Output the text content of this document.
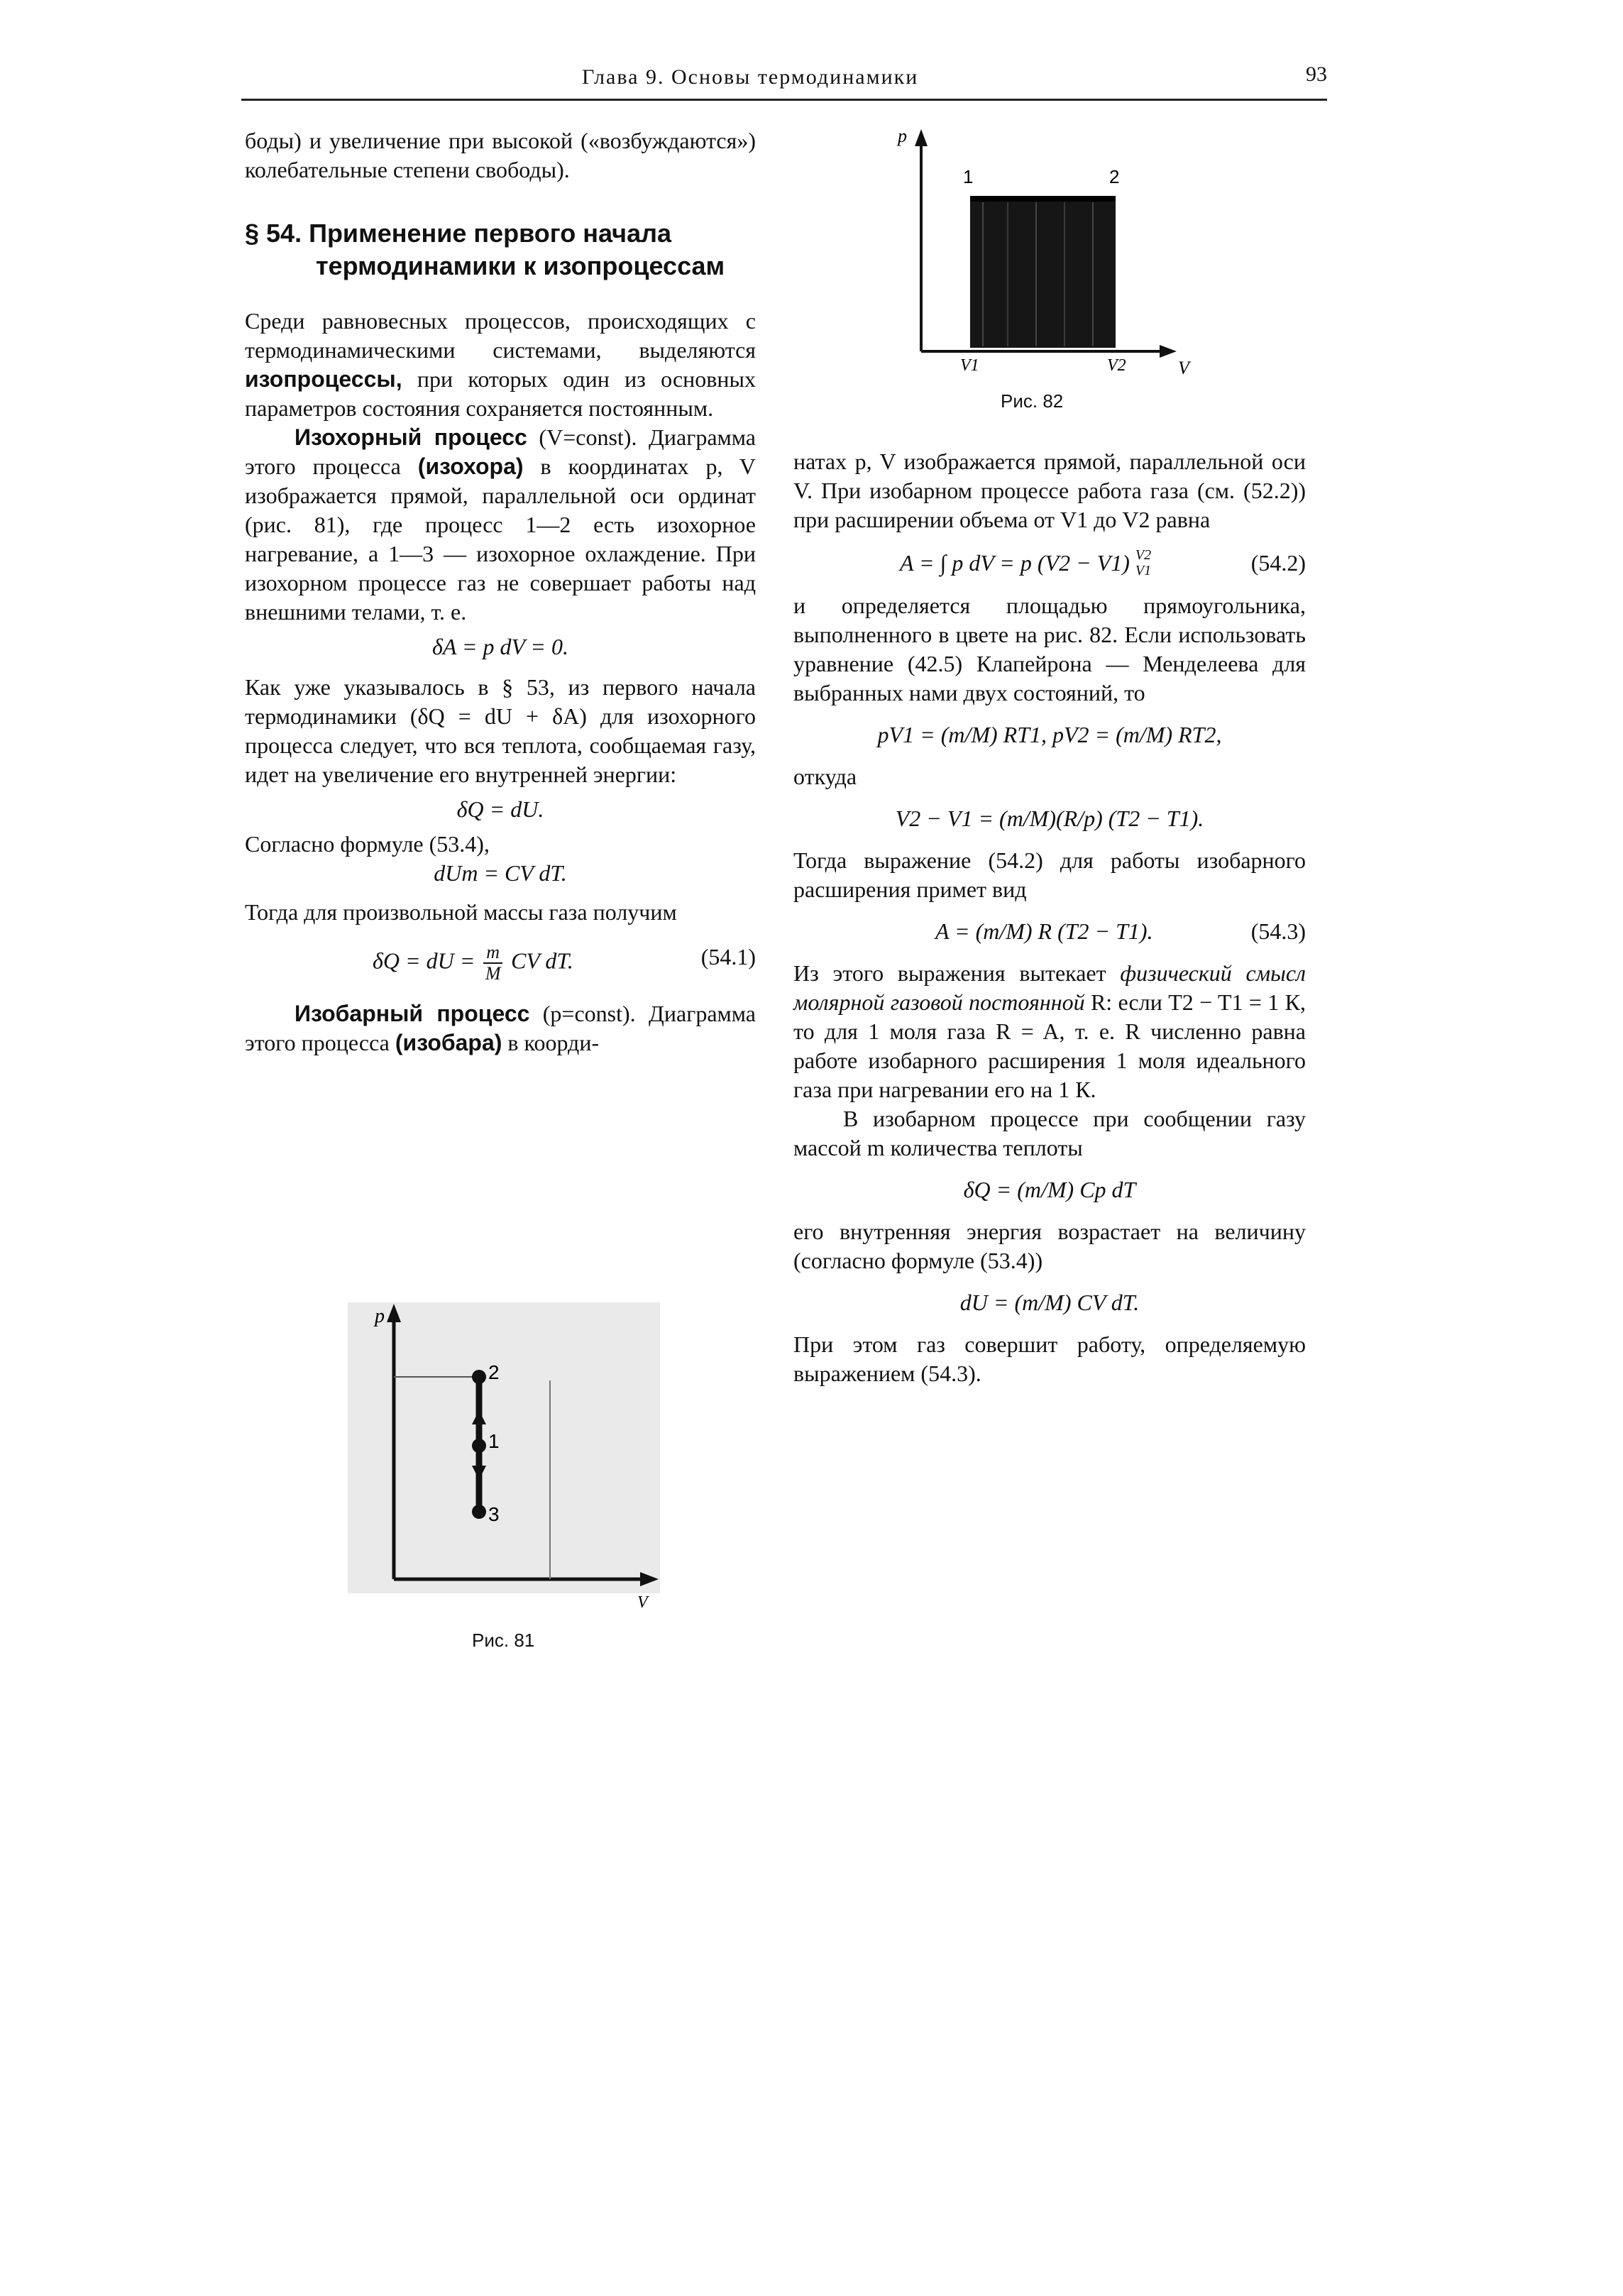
Глава 9. Основы термодинамики	93

боды) и увеличение при высокой («возбуждаются») колебательные степени свободы).

§ 54. Применение первого начала
термодинамики к изопроцессам

Среди равновесных процессов, происходящих с термодинамическими системами, выделяются изопроцессы, при которых один из основных параметров состояния сохраняется постоянным.

Изохорный процесс (V=const). Диаграмма этого процесса (изохора) в координатах p, V изображается прямой, параллельной оси ординат (рис. 81), где процесс 1—2 есть изохорное нагревание, а 1—3 — изохорное охлаждение. При изохорном процессе газ не совершает работы над внешними телами, т. е.

δA = p dV = 0.

Как уже указывалось в § 53, из первого начала термодинамики (δQ = dU + δA) для изохорного процесса следует, что вся теплота, сообщаемая газу, идет на увеличение его внутренней энергии:

δQ = dU.

Согласно формуле (53.4),

dUm = CV dT.

Тогда для произвольной массы газа получим

δQ = dU = $\frac{m}{M}$ CV dT.	(54.1)

Изобарный процесс (p=const). Диаграмма этого процесса (изобара) в коорди-

p
V
2
1
3
Рис. 81
p
1	2
V1	V2	V
Рис. 82

натах p, V изображается прямой, параллельной оси V. При изобарном процессе работа газа (см. (52.2)) при расширении объема от V1 до V2 равна

A = ∫ p dV = p (V2 − V1) V2
V1	(54.2)

и определяется площадью прямоугольника, выполненного в цвете на рис. 82. Если использовать уравнение (42.5) Клапейрона — Менделеева для выбранных нами двух состояний, то

pV1 = (m/M) RT1, pV2 = (m/M) RT2,

откуда

V2 − V1 = (m/M)(R/p) (T2 − T1).

Тогда выражение (54.2) для работы изобарного расширения примет вид

A = (m/M) R (T2 − T1).	(54.3)

Из этого выражения вытекает физический смысл молярной газовой постоянной R: если T2 − T1 = 1 К, то для 1 моля газа R = A, т. е. R численно равна работе изобарного расширения 1 моля идеального газа при нагревании его на 1 К.

В изобарном процессе при сообщении газу массой m количества теплоты

δQ = (m/M) Cp dT

его внутренняя энергия возрастает на величину (согласно формуле (53.4))

dU = (m/M) CV dT.

При этом газ совершит работу, определяемую выражением (54.3).
